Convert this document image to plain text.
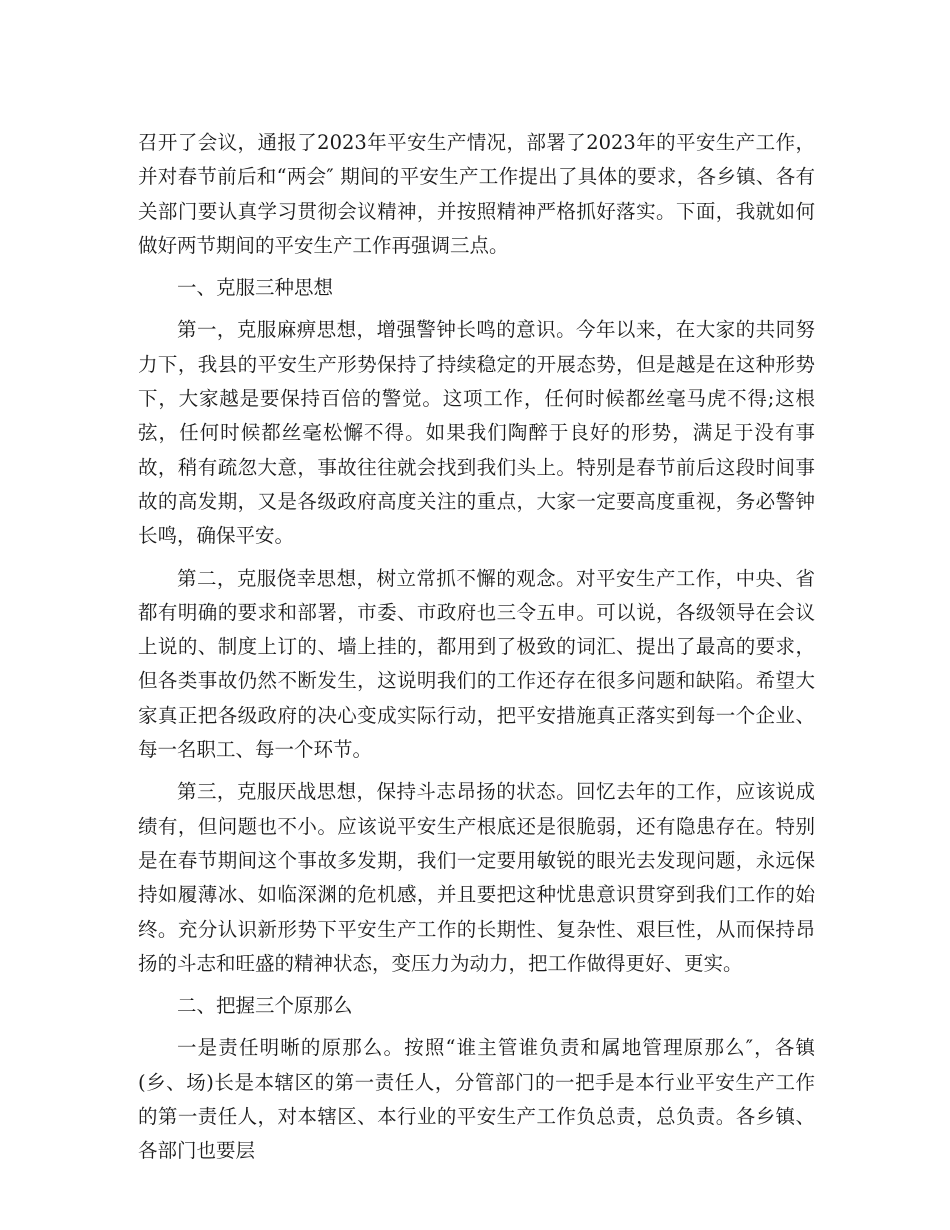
召开了会议，通报了2023年平安生产情况，部署了2023年的平安生产工作，并对春节前后和“两会″ 期间的平安生产工作提出了具体的要求，各乡镇、各有关部门要认真学习贯彻会议精神，并按照精神严格抓好落实。下面，我就如何做好两节期间的平安生产工作再强调三点。

一、克服三种思想

第一，克服麻痹思想，增强警钟长鸣的意识。今年以来，在大家的共同努力下，我县的平安生产形势保持了持续稳定的开展态势，但是越是在这种形势下，大家越是要保持百倍的警觉。这项工作，任何时候都丝毫马虎不得;这根弦，任何时候都丝毫松懈不得。如果我们陶醉于良好的形势，满足于没有事故，稍有疏忽大意，事故往往就会找到我们头上。特别是春节前后这段时间事故的高发期，又是各级政府高度关注的重点，大家一定要高度重视，务必警钟长鸣，确保平安。

第二，克服侥幸思想，树立常抓不懈的观念。对平安生产工作，中央、省都有明确的要求和部署，市委、市政府也三令五申。可以说，各级领导在会议上说的、制度上订的、墙上挂的，都用到了极致的词汇、提出了最高的要求，但各类事故仍然不断发生，这说明我们的工作还存在很多问题和缺陷。希望大家真正把各级政府的决心变成实际行动，把平安措施真正落实到每一个企业、每一名职工、每一个环节。

第三，克服厌战思想，保持斗志昂扬的状态。回忆去年的工作，应该说成绩有，但问题也不小。应该说平安生产根底还是很脆弱，还有隐患存在。特别是在春节期间这个事故多发期，我们一定要用敏锐的眼光去发现问题，永远保持如履薄冰、如临深渊的危机感，并且要把这种忧患意识贯穿到我们工作的始终。充分认识新形势下平安生产工作的长期性、复杂性、艰巨性，从而保持昂扬的斗志和旺盛的精神状态，变压力为动力，把工作做得更好、更实。

二、把握三个原那么

一是责任明晰的原那么。按照“谁主管谁负责和属地管理原那么″，各镇(乡、场)长是本辖区的第一责任人，分管部门的一把手是本行业平安生产工作的第一责任人，对本辖区、本行业的平安生产工作负总责，总负责。各乡镇、各部门也要层
